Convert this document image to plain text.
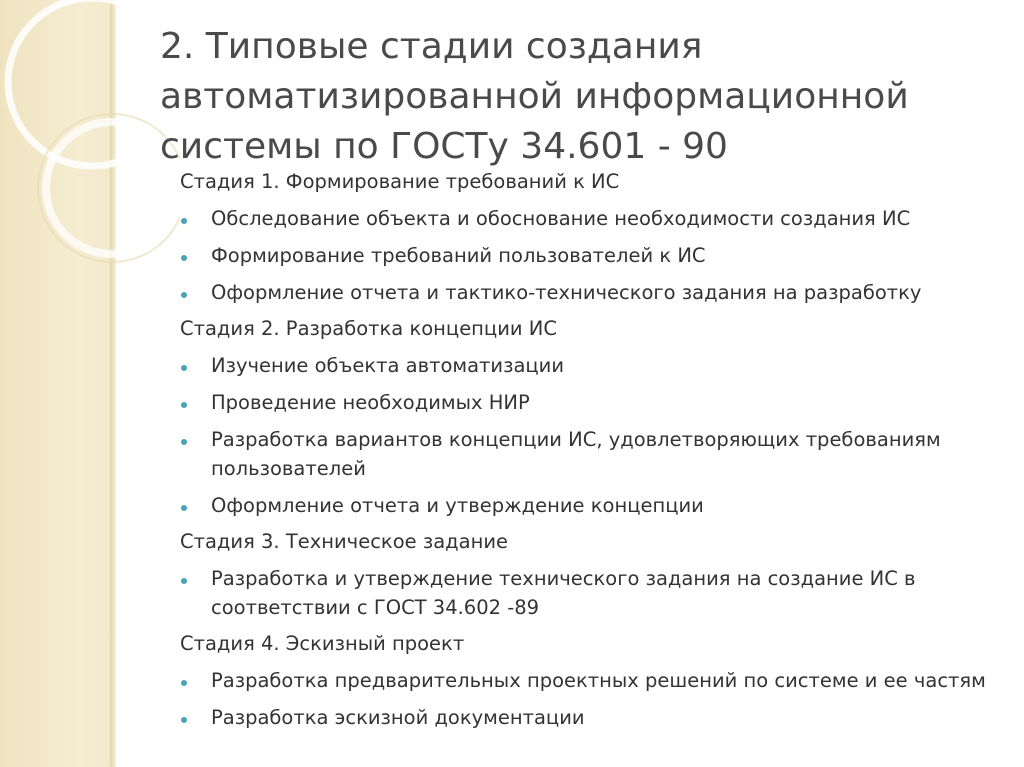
2. Типовые стадии создания
автоматизированной информационной
системы по ГОСТу 34.601 - 90
Стадия 1. Формирование требований к ИС
Обследование объекта и обоснование необходимости создания ИС
Формирование требований пользователей к ИС
Оформление отчета и тактико-технического задания на разработку
Стадия 2. Разработка концепции ИС
Изучение объекта автоматизации
Проведение необходимых НИР
Разработка вариантов концепции ИС, удовлетворяющих требованиям пользователей
Оформление отчета и утверждение концепции
Стадия 3. Техническое задание
Разработка и утверждение технического задания на создание ИС в соответствии с ГОСТ 34.602 -89
Стадия 4. Эскизный проект
Разработка предварительных проектных решений по системе и ее частям
Разработка эскизной документации
